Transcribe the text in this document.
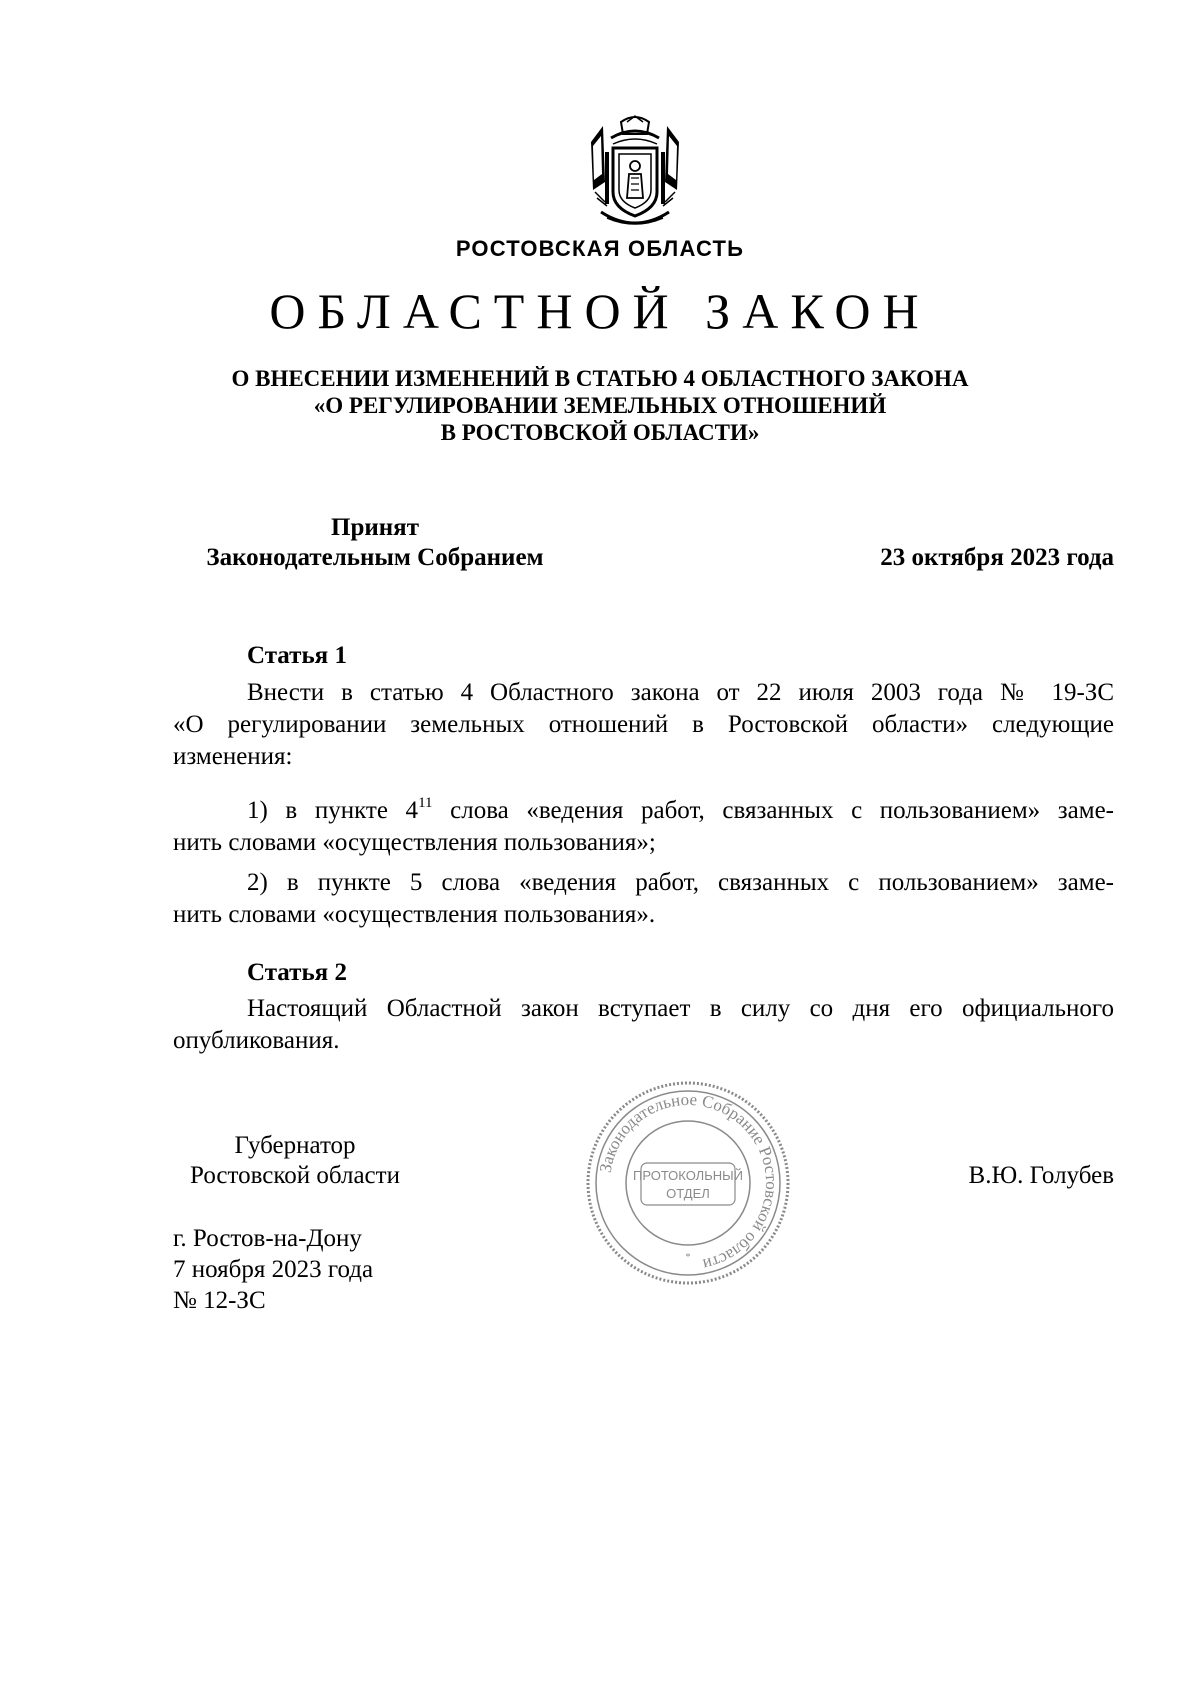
РОСТОВСКАЯ ОБЛАСТЬ
ОБЛАСТНОЙ ЗАКОН
О ВНЕСЕНИИ ИЗМЕНЕНИЙ В СТАТЬЮ 4 ОБЛАСТНОГО ЗАКОНА
«О РЕГУЛИРОВАНИИ ЗЕМЕЛЬНЫХ ОТНОШЕНИЙ
В РОСТОВСКОЙ ОБЛАСТИ»
Принят
Законодательным Собранием	23 октября 2023 года
Статья 1
Внести в статью 4 Областного закона от 22 июля 2003 года № 19-ЗС
«О регулировании земельных отношений в Ростовской области» следующие
изменения:
1) в пункте $4^{11}$ слова «ведения работ, связанных с пользованием» заме-
нить словами «осуществления пользования»;
2) в пункте 5 слова «ведения работ, связанных с пользованием» заме-
нить словами «осуществления пользования».
Статья 2
Настоящий Областной закон вступает в силу со дня его официального
опубликования.
Губернатор
Ростовской области	В.Ю. Голубев
Законодательное Собрание Ростовской области
ПРОТОКОЛЬНЫЙ
ОТДЕЛ
*
г. Ростов-на-Дону
7 ноября 2023 года
№ 12-ЗС
